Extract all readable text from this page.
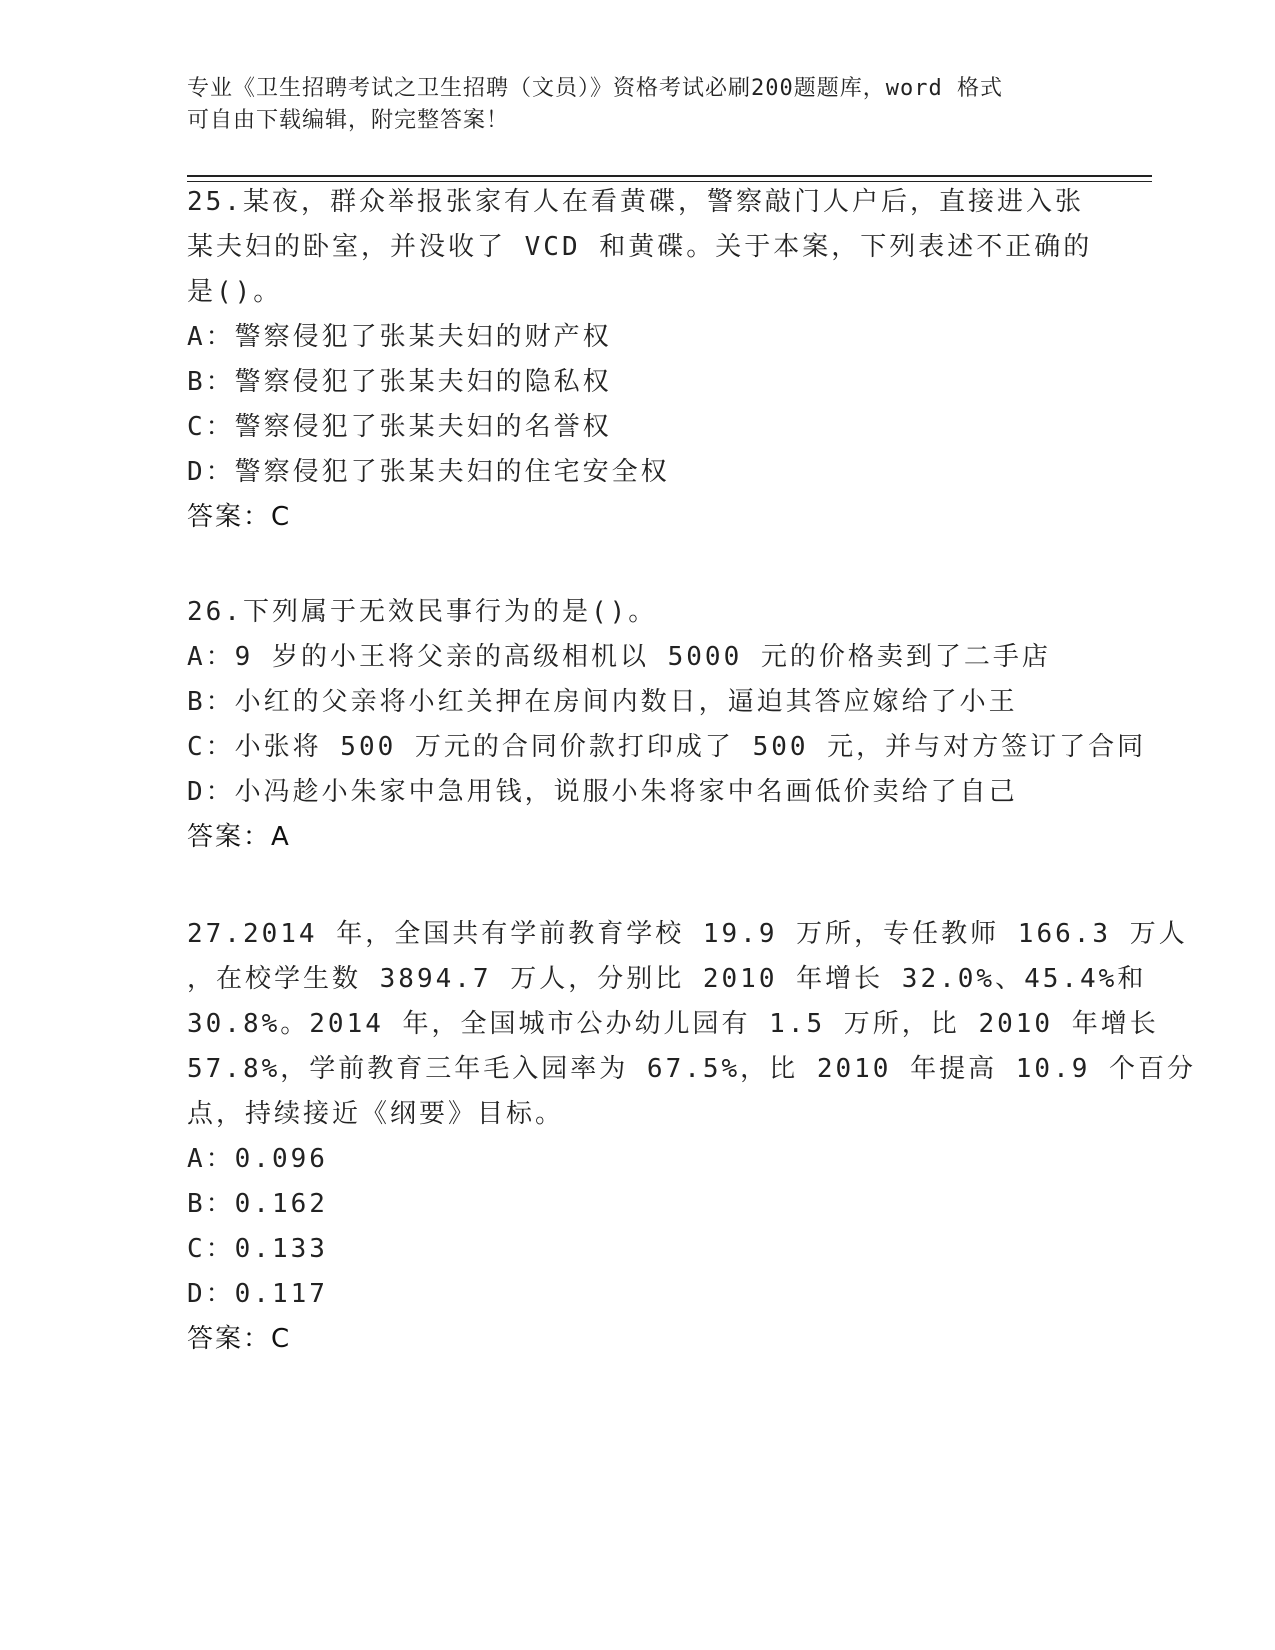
专业《卫生招聘考试之卫生招聘（文员）》资格考试必刷200题题库，word 格式
可自由下载编辑，附完整答案！
25.某夜，群众举报张家有人在看黄碟，警察敲门人户后，直接进入张
某夫妇的卧室，并没收了 VCD 和黄碟。关于本案，下列表述不正确的
是()。
A：警察侵犯了张某夫妇的财产权
B：警察侵犯了张某夫妇的隐私权
C：警察侵犯了张某夫妇的名誉权
D：警察侵犯了张某夫妇的住宅安全权
答案：C
26.下列属于无效民事行为的是()。
A：9 岁的小王将父亲的高级相机以 5000 元的价格卖到了二手店
B：小红的父亲将小红关押在房间内数日，逼迫其答应嫁给了小王
C：小张将 500 万元的合同价款打印成了 500 元，并与对方签订了合同
D：小冯趁小朱家中急用钱，说服小朱将家中名画低价卖给了自己
答案：A
27.2014 年，全国共有学前教育学校 19.9 万所，专任教师 166.3 万人
，在校学生数 3894.7 万人，分别比 2010 年增长 32.0%、45.4%和
30.8%。2014 年，全国城市公办幼儿园有 1.5 万所，比 2010 年增长
57.8%，学前教育三年毛入园率为 67.5%，比 2010 年提高 10.9 个百分
点，持续接近《纲要》目标。
A：0.096
B：0.162
C：0.133
D：0.117
答案：C
